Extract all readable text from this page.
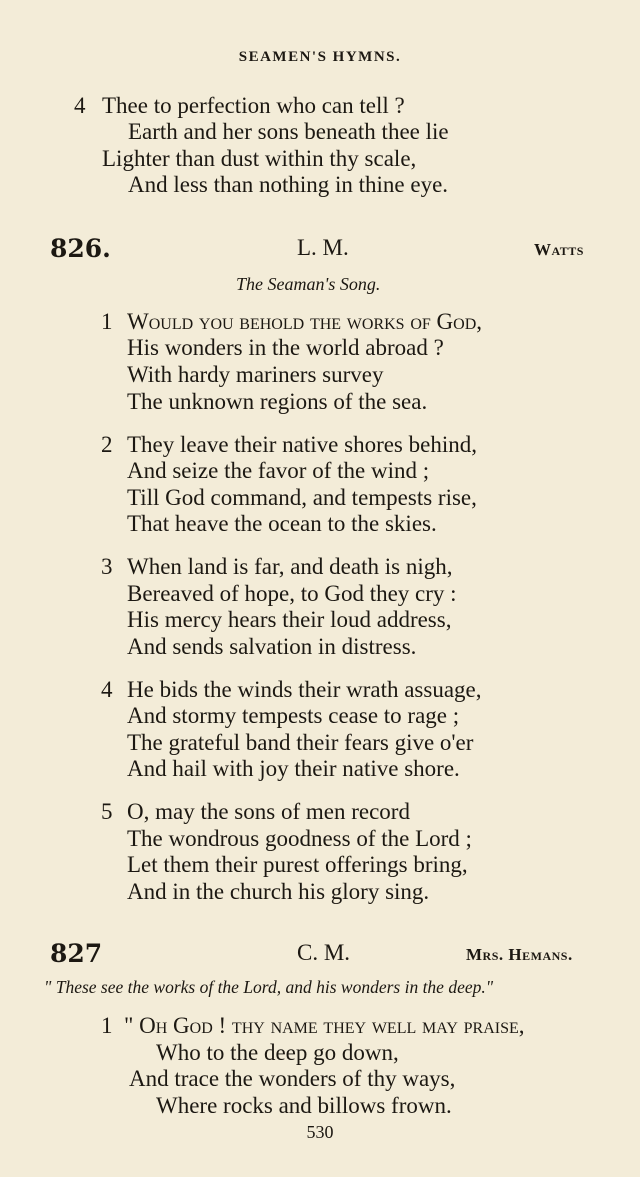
SEAMEN'S HYMNS.
4 Thee to perfection who can tell ?
Earth and her sons beneath thee lie
Lighter than dust within thy scale,
And less than nothing in thine eye.
826.	L. M.	Watts
The Seaman's Song.
1 Would you behold the works of God,
His wonders in the world abroad ?
With hardy mariners survey
The unknown regions of the sea.
2 They leave their native shores behind,
And seize the favor of the wind ;
Till God command, and tempests rise,
That heave the ocean to the skies.
3 When land is far, and death is nigh,
Bereaved of hope, to God they cry :
His mercy hears their loud address,
And sends salvation in distress.
4 He bids the winds their wrath assuage,
And stormy tempests cease to rage ;
The grateful band their fears give o'er
And hail with joy their native shore.
5 O, may the sons of men record
The wondrous goodness of the Lord ;
Let them their purest offerings bring,
And in the church his glory sing.
827	C. M.	Mrs. Hemans.
" These see the works of the Lord, and his wonders in the deep."
1 " Oh God ! thy name they well may praise,
Who to the deep go down,
And trace the wonders of thy ways,
Where rocks and billows frown.
530
